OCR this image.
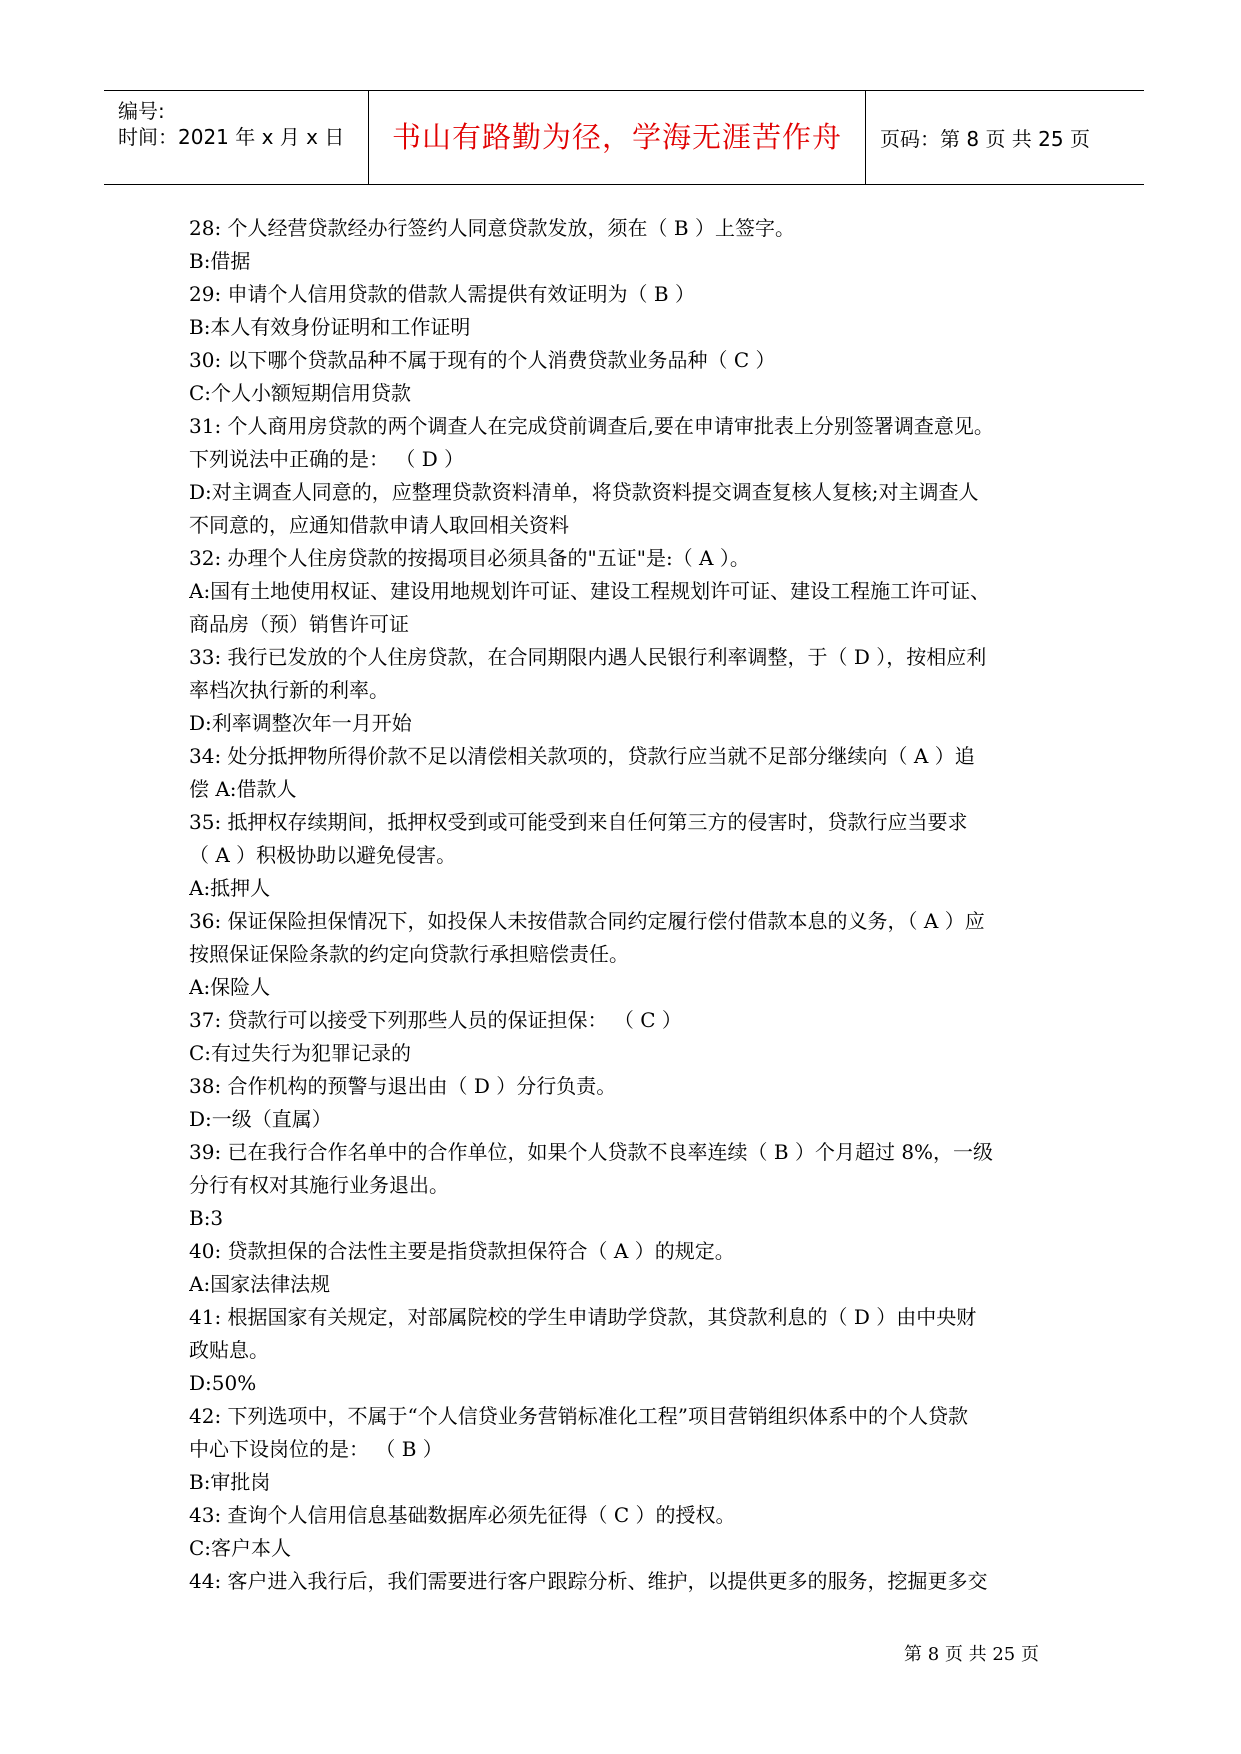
编号:
时间：2021 年 x 月 x 日	书山有路勤为径，学海无涯苦作舟	页码：第 8 页 共 25 页
28: 个人经营贷款经办行签约人同意贷款发放，须在（ B ）上签字。
B:借据
29: 申请个人信用贷款的借款人需提供有效证明为（ B ）
B:本人有效身份证明和工作证明
30: 以下哪个贷款品种不属于现有的个人消费贷款业务品种（ C ）
C:个人小额短期信用贷款
31: 个人商用房贷款的两个调查人在完成贷前调查后,要在申请审批表上分别签署调查意见。
下列说法中正确的是： （ D ）
D:对主调查人同意的，应整理贷款资料清单，将贷款资料提交调查复核人复核;对主调查人
不同意的，应通知借款申请人取回相关资料
32: 办理个人住房贷款的按揭项目必须具备的"五证"是:（ A ）。
A:国有土地使用权证、建设用地规划许可证、建设工程规划许可证、建设工程施工许可证、
商品房（预）销售许可证
33: 我行已发放的个人住房贷款，在合同期限内遇人民银行利率调整，于（ D ），按相应利
率档次执行新的利率。
D:利率调整次年一月开始
34: 处分抵押物所得价款不足以清偿相关款项的，贷款行应当就不足部分继续向（ A ）追
偿 A:借款人
35: 抵押权存续期间，抵押权受到或可能受到来自任何第三方的侵害时，贷款行应当要求
（ A ）积极协助以避免侵害。
A:抵押人
36: 保证保险担保情况下，如投保人未按借款合同约定履行偿付借款本息的义务，（ A ）应
按照保证保险条款的约定向贷款行承担赔偿责任。
A:保险人
37: 贷款行可以接受下列那些人员的保证担保： （ C ）
C:有过失行为犯罪记录的
38: 合作机构的预警与退出由（ D ）分行负责。
D:一级（直属）
39: 已在我行合作名单中的合作单位，如果个人贷款不良率连续（ B ）个月超过 8%，一级
分行有权对其施行业务退出。
B:3
40: 贷款担保的合法性主要是指贷款担保符合（ A ）的规定。
A:国家法律法规
41: 根据国家有关规定，对部属院校的学生申请助学贷款，其贷款利息的（ D ）由中央财
政贴息。
D:50%
42: 下列选项中，不属于“个人信贷业务营销标准化工程”项目营销组织体系中的个人贷款
中心下设岗位的是： （ B ）
B:审批岗
43: 查询个人信用信息基础数据库必须先征得（ C ）的授权。
C:客户本人
44: 客户进入我行后，我们需要进行客户跟踪分析、维护，以提供更多的服务，挖掘更多交
第 8 页 共 25 页
